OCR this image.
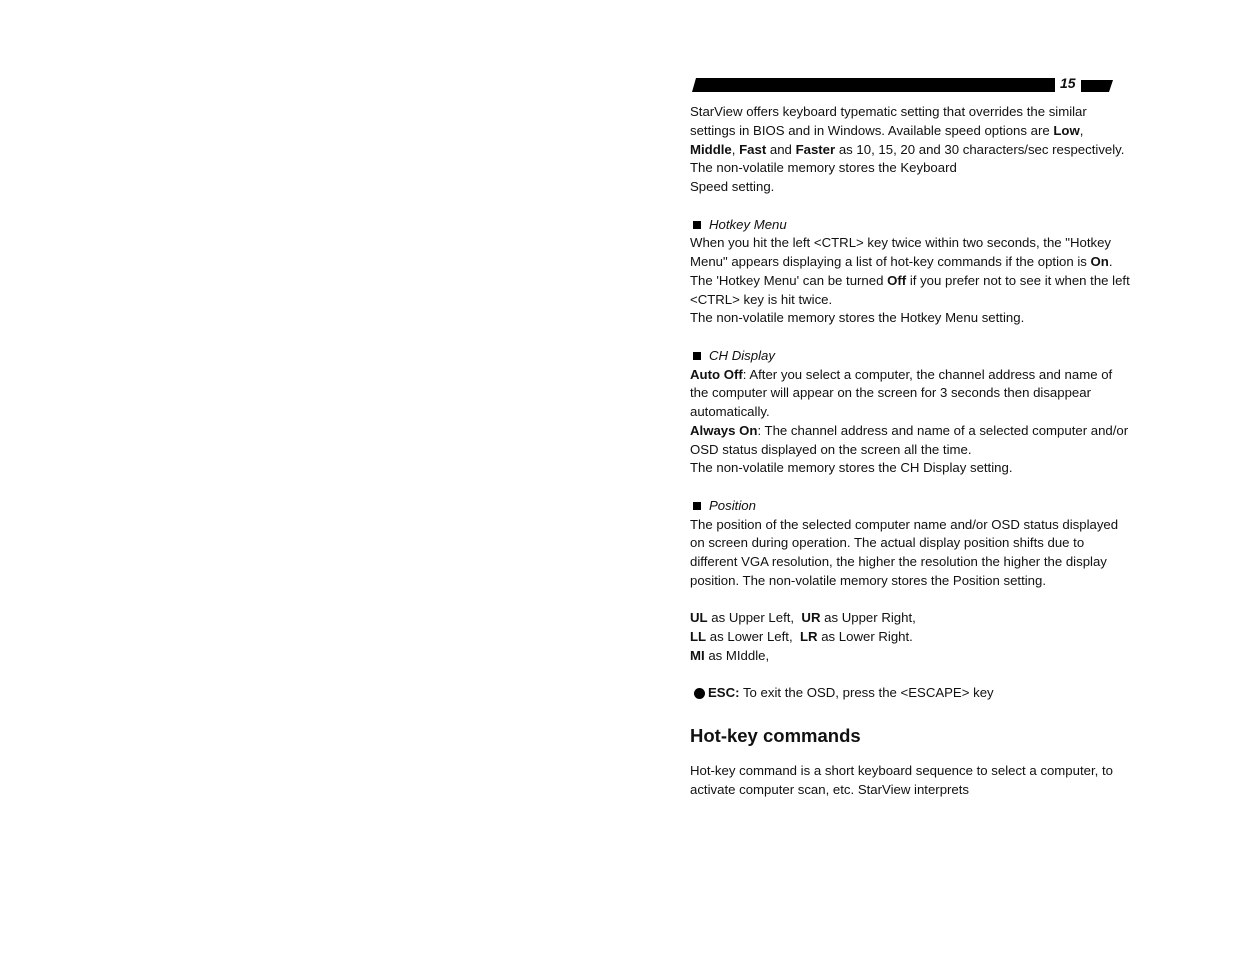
15

StarView offers keyboard typematic setting that overrides the similar settings in BIOS and in Windows. Available speed options are Low, Middle, Fast and Faster as 10, 15, 20 and 30 characters/sec respectively. The non-volatile memory stores the Keyboard

Speed setting.

Hotkey Menu

When you hit the left <CTRL> key twice within two seconds, the "Hotkey Menu" appears displaying a list of hot-key commands if the option is On. The 'Hotkey Menu' can be turned Off if you prefer not to see it when the left <CTRL> key is hit twice.

The non-volatile memory stores the Hotkey Menu setting.

CH Display

Auto Off: After you select a computer, the channel address and name of the computer will appear on the screen for 3 seconds then disappear automatically.

Always On: The channel address and name of a selected computer and/or OSD status displayed on the screen all the time.

The non-volatile memory stores the CH Display setting.

Position

The position of the selected computer name and/or OSD status displayed on screen during operation. The actual display position shifts due to different VGA resolution, the higher the resolution the higher the display position. The non-volatile memory stores the Position setting.

UL as Upper Left,  UR as Upper Right,

LL as Lower Left,  LR as Lower Right.

MI as MIddle,

ESC: To exit the OSD, press the <ESCAPE> key

Hot-key commands

Hot-key command is a short keyboard sequence to select a computer, to activate computer scan, etc. StarView interprets
